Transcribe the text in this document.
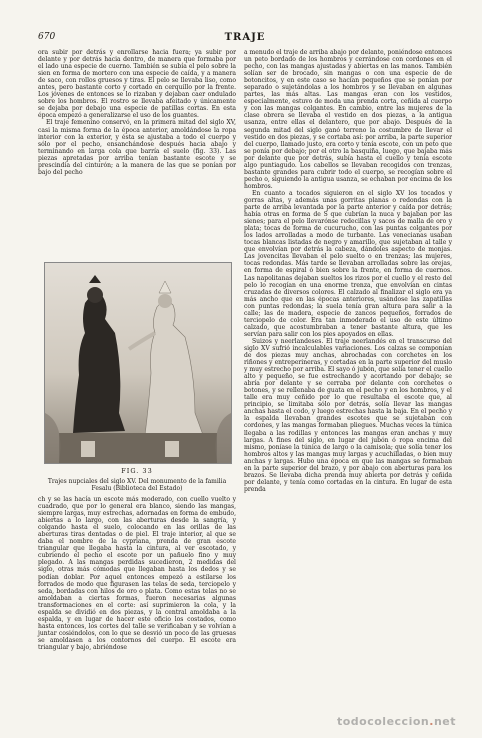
670	TRAJE

ora subir por detrás y enrollarse hacia fuera; ya subir por delante y por detrás hacia dentro, de manera que formaba por el lado una especie de cuerno. También se subía el pelo sobre la sien en forma de mortero con una especie de caída, y a manera de saco, con rollos gruesos y tiras. El pelo se llevaba liso, como antes, pero bastante corto y cortado en cerquillo por la frente. Los jóvenes de entonces se lo rizaban y dejaban caer ondulado sobre los hombros. El rostro se llevaba afeitado y únicamente se dejaba por debajo una especie de patillas cortas. En esta época empezó a generalizarse el uso de los guantes.

El traje femenino conservó, en la primera mitad del siglo XV, casi la misma forma de la época anterior, amoldándose la ropa interior con la exterior, y ésta se ajustaba a todo el cuerpo y sólo por el pecho, ensanchándose después hacia abajo y terminando en larga cola que barría el suelo (fig. 33). Las piezas apretadas por arriba tenían bastante escote y se prescindía del cinturón; a la manera de las que se ponían por bajo del pecho

FIG. 33
Trajes nupciales del siglo XV. Del monumento de la familia Fesalu (Biblioteca del Estado)

ch y se las hacía un escote más moderado, con cuello vuelto y cuadrado, que por lo general era blanco, siendo las mangas, siempre largas, muy estrechas, adornadas en forma de embudo, abiertas a lo largo, con las aberturas desde la sangría, y colgando hasta el suelo, colocando en las orillas de las aberturas tiras dentadas o de piel. El traje interior, al que se daba el nombre de la cypriana, prenda de gran escote triangular que llegaba hasta la cintura, al ver escotado, y cubriendo el pecho el escote por un pañuelo fino y muy plegado. A las mangas perdidas sucedieron, 2 medidas del siglo, otras más cómodas que llegaban hasta los dedos y se podían doblar. Por aquel entonces empezó a estilarse los forrados de modo que figurasen las telas de seda, terciopelo y seda, bordadas con hilos de oro o plata. Como estas telas no se amoldaban a ciertas formas, fueron necesarias algunas transformaciones en el corte: así suprimieron la cola, y la espalda se dividió en dos piezas, y la central amoldaba a la espalda, y en lugar de hacer este oficio los costados, como hasta entonces, los cortes del talle se verificaban y se volvían a juntar cosiéndolos, con lo que se desvió un poco de las gruesas se amoldasen a los contornos del cuerpo. El escote era triangular y bajo, abriéndose

a menudo el traje de arriba abajo por delante, poniéndose entonces un peto bordado de los hombros y cerrándose con cordones en el pecho, con las mangas ajustadas y abiertas en las manos. También solían ser de brocado, sin mangas o con una especie de de botoncitos, y en este caso se hacían pequeños que se ponían por separado o sujetándolas a los hombros y se llevaban en algunas partes, las más altas. Las mangas eran con los vestidos, especialmente, estuvo de moda una prenda corta, ceñida al cuerpo y con las mangas colgantes. En cambio, entre las mujeres de la clase obrera se llevaba el vestido en dos piezas, a la antigua usanza, entre ellas el delantero, que por abajo. Después de la segunda mitad del siglo ganó terreno la costumbre de llevar el vestido en dos piezas, y se cortaba así: por arriba, la parte superior del cuerpo, llamado justo, era corto y tenía escote, con un peto que se ponía por debajo; por el otro la basquiña, luego, que bajaba más por delante que por detrás, subía hasta el cuello y tenía escote algo puntiagudo. Los cabellos se llevaban recogidos con trenzas, bastante grandes para cubrir todo el cuerpo, se recogían sobre el pecho o, siguiendo la antigua usanza, se echaban por encima de los hombros.

En cuanto a tocados siguieron en el siglo XV los tocados y gorras altas, y además unas gorritas planas o redondas con la parte de arriba levantada por la parte anterior y caída por detrás; había otras en forma de S que cubrían la nuca y bajaban por las sienes; para el pelo llevarónse redecillas y sacos de malla de oro y plata; tocas de forma de cucurucho, con las puntas colgantes por los lados arrolladas a modo de turbante. Las venecianas usaban tocas blancas listadas de negro y amarillo, que sujetaban al talle y que envolvían por detrás la cabeza, dándoles aspecto de monjas. Las jovencitas llevaban el pelo suelto o en trenzas; las mujeres, tocas redondas. Más tarde se llevaban arrolladas sobre las orejas, en forma de espiral ó bien sobre la frente, en forma de cuernos. Las napolitanas dejaban sueltos los rizos por el cuello y el resto del pelo lo recogían en una enorme trenza, que envolvían en cintas cruzadas de diversos colores. El calzado al finalizar el siglo era ya más ancho que en las épocas anteriores, usándose las zapatillas con puntas redondas; la suela tenía gran altura para salir a la calle; las de madera, especie de zancos pequeños, forrados de terciopelo de color. Era tan inmoderado el uso de este último calzado, que acostumbraban a tener bastante altura, que les servían para salir con los pies apoyados en ellas.

Suizos y neerlandeses. El traje neerlandés en el transcurso del siglo XV sufrió incalculables variaciones. Los calzas se componían de dos piezas muy anchas, abrochadas con corchetes en los riñones y entreperineras, y cortadas en la parte superior del muslo y muy estrecho por arriba. El sayo ó jubón, que solía tener el cuello alto y pequeño, se fue estrechando y acortando por debajo; se abría por delante y se cerraba por delante con corchetes o botones, y se rellenaba de guata en el pecho y en los hombros, y el talle era muy ceñido por lo que resultaba el escote que, al principio, se limitaba sólo por detrás, solía llevar las mangas anchas hasta el codo, y luego estrechas hasta la baja. En el pecho y la espalda llevaban grandes escotes que se sujetaban con cordones, y las mangas formaban pliegues. Muchas veces la túnica llegaba a las rodillas y entonces las mangas eran anchas y muy largas. A fines del siglo, en lugar del jubón ó ropa encima del mismo, poníase la túnica de largo o la camisola; que solía tener los hombros altos y las mangas muy largas y acuchilladas, o bien muy anchas y largas. Hubo una época en que las mangas se formaban en la parte superior del brazo, y por abajo con aberturas para los brazos. Se llevaba dicha prenda muy abierta por detrás y ceñida por delante, y tenía como cortadas en la cintura. En lugar de esta prenda

todocoleccion.net
